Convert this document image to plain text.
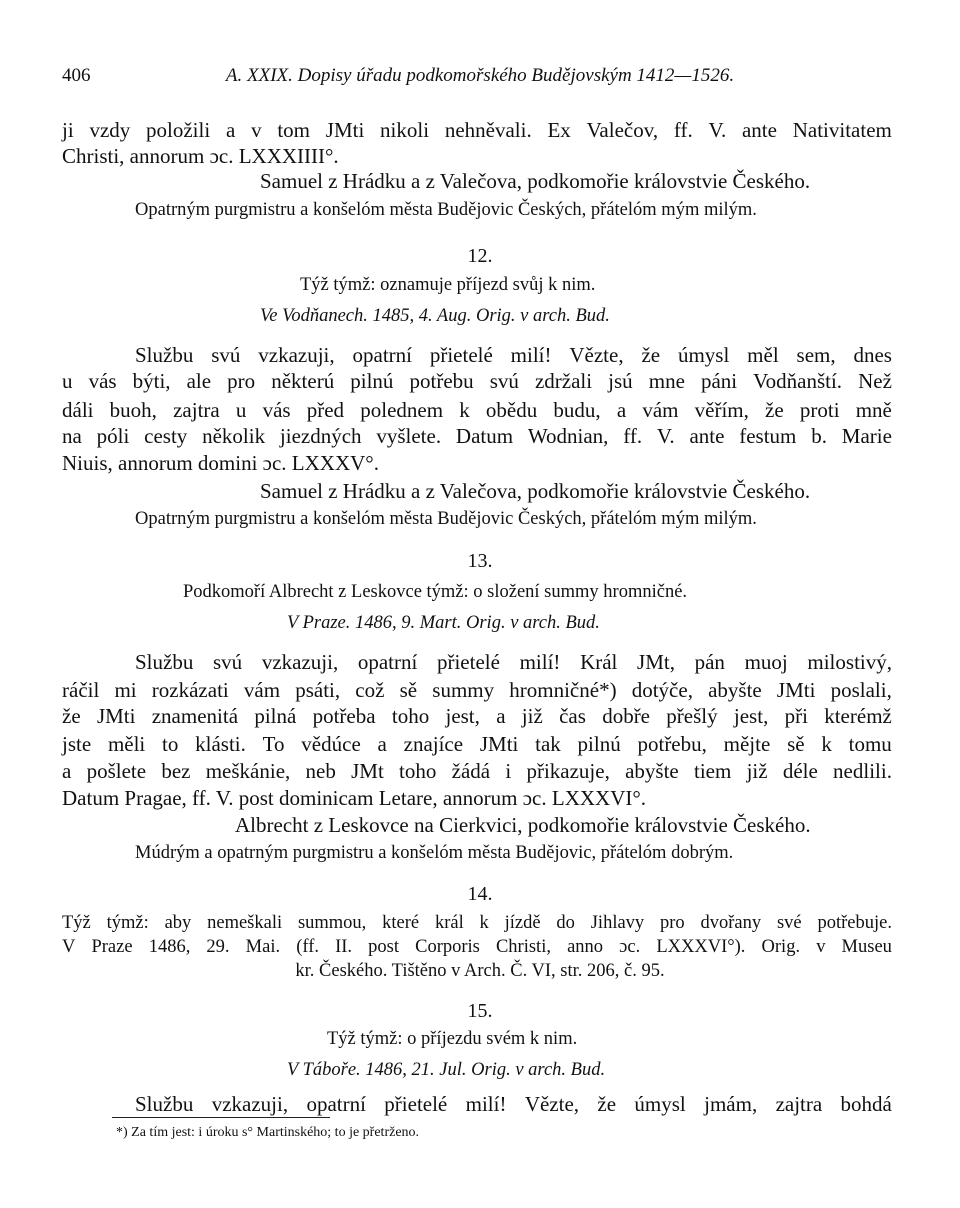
406	A. XXIX. Dopisy úřadu podkomořského Budějovským 1412—1526.
ji vzdy položili a v tom JMti nikoli nehněvali. Ex Valečov, ff. V. ante Nativitatem
Christi, annorum ɔc. LXXXIIII°.
Samuel z Hrádku a z Valečova, podkomořie královstvie Českého.
Opatrným purgmistru a konšelóm města Budějovic Českých, přátelóm mým milým.
12.
Týž týmž: oznamuje příjezd svůj k nim.
Ve Vodňanech. 1485, 4. Aug. Orig. v arch. Bud.
Službu svú vzkazuji, opatrní přietelé milí! Vězte, že úmysl měl sem, dnes
u vás býti, ale pro některú pilnú potřebu svú zdržali jsú mne páni Vodňanští. Než
dáli buoh, zajtra u vás před polednem k obědu budu, a vám věřím, že proti mně
na póli cesty několik jiezdných vyšlete. Datum Wodnian, ff. V. ante festum b. Marie
Niuis, annorum domini ɔc. LXXXV°.
Samuel z Hrádku a z Valečova, podkomořie královstvie Českého.
Opatrným purgmistru a konšelóm města Budějovic Českých, přátelóm mým milým.
13.
Podkomoří Albrecht z Leskovce týmž: o složení summy hromničné.
V Praze. 1486, 9. Mart. Orig. v arch. Bud.
Službu svú vzkazuji, opatrní přietelé milí! Král JMt, pán muoj milostivý,
ráčil mi rozkázati vám psáti, což sě summy hromničné*) dotýče, abyšte JMti poslali,
že JMti znamenitá pilná potřeba toho jest, a již čas dobře přešlý jest, při kterémž
jste měli to klásti. To vědúce a znajíce JMti tak pilnú potřebu, mějte sě k tomu
a pošlete bez meškánie, neb JMt toho žádá i přikazuje, abyšte tiem již déle nedlili.
Datum Pragae, ff. V. post dominicam Letare, annorum ɔc. LXXXVI°.
Albrecht z Leskovce na Cierkvici, podkomořie královstvie Českého.
Múdrým a opatrným purgmistru a konšelóm města Budějovic, přátelóm dobrým.
14.
Týž týmž: aby nemeškali summou, které král k jízdě do Jihlavy pro dvořany své potřebuje.
V Praze 1486, 29. Mai. (ff. II. post Corporis Christi, anno ɔc. LXXXVI°). Orig. v Museu
kr. Českého. Tištěno v Arch. Č. VI, str. 206, č. 95.
15.
Týž týmž: o příjezdu svém k nim.
V Táboře. 1486, 21. Jul. Orig. v arch. Bud.
Službu vzkazuji, opatrní přietelé milí! Vězte, že úmysl jmám, zajtra bohdá
*) Za tím jest: i úroku s° Martinského; to je přetrženo.
